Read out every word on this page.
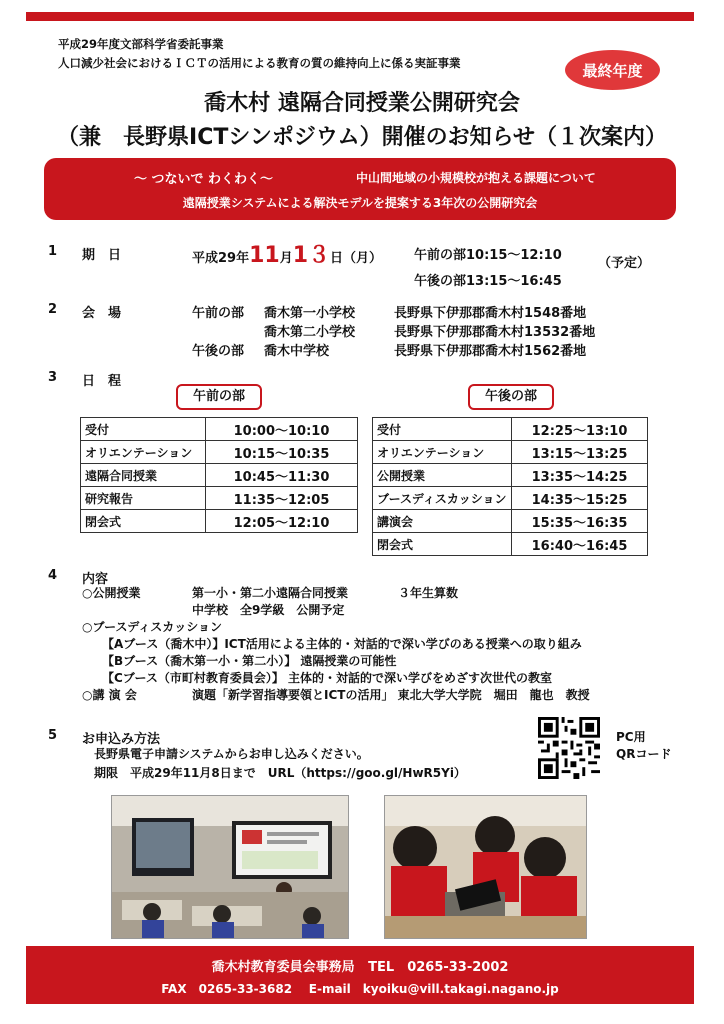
平成29年度文部科学省委託事業
人口減少社会におけるＩＣＴの活用による教育の質の維持向上に係る実証事業	最終年度
喬木村 遠隔合同授業公開研究会
（兼　長野県ICTシンポジウム）開催のお知らせ（１次案内）
～ つないで わくわく～	中山間地域の小規模校が抱える課題について
遠隔授業システムによる解決モデルを提案する3年次の公開研究会
1 期　日	平成29年11月1３日（月） 午前の部10:15～12:10
午後の部13:15～16:45
（予定）
2 会　場	午前の部 喬木第一小学校	長野県下伊那郡喬木村1548番地
喬木第二小学校	長野県下伊那郡喬木村13532番地
午後の部 喬木中学校	長野県下伊那郡喬木村1562番地
3 日　程
午前の部	午後の部
受付	10:00～10:10
オリエンテーション	10:15～10:35
遠隔合同授業	10:45～11:30
研究報告	11:35～12:05
閉会式	12:05～12:10
受付	12:25～13:10
オリエンテーション	13:15～13:25
公開授業	13:35～14:25
ブースディスカッション	14:35～15:25
講演会	15:35～16:35
閉会式	16:40～16:45
4 内容
○公開授業	第一小・第二小遠隔合同授業	３年生算数
中学校　全9学級　公開予定
○ブースディスカッション
【Aブース（喬木中）】ICT活用による主体的・対話的で深い学びのある授業への取り組み
【Bブース（喬木第一小・第二小）】 遠隔授業の可能性
【Cブース（市町村教育委員会）】 主体的・対話的で深い学びをめざす次世代の教室
○講 演 会	演題「新学習指導要領とICTの活用」 東北大学大学院　堀田　龍也　教授
5 お申込み方法
長野県電子申請システムからお申し込みください。
期限　平成29年11月8日まで　URL（https://goo.gl/HwR5Yi）
PC用
QRコード
喬木村教育委員会事務局 TEL　0265-33-2002
FAX　0265-33-3682 E-mail　kyoiku@vill.takagi.nagano.jp
